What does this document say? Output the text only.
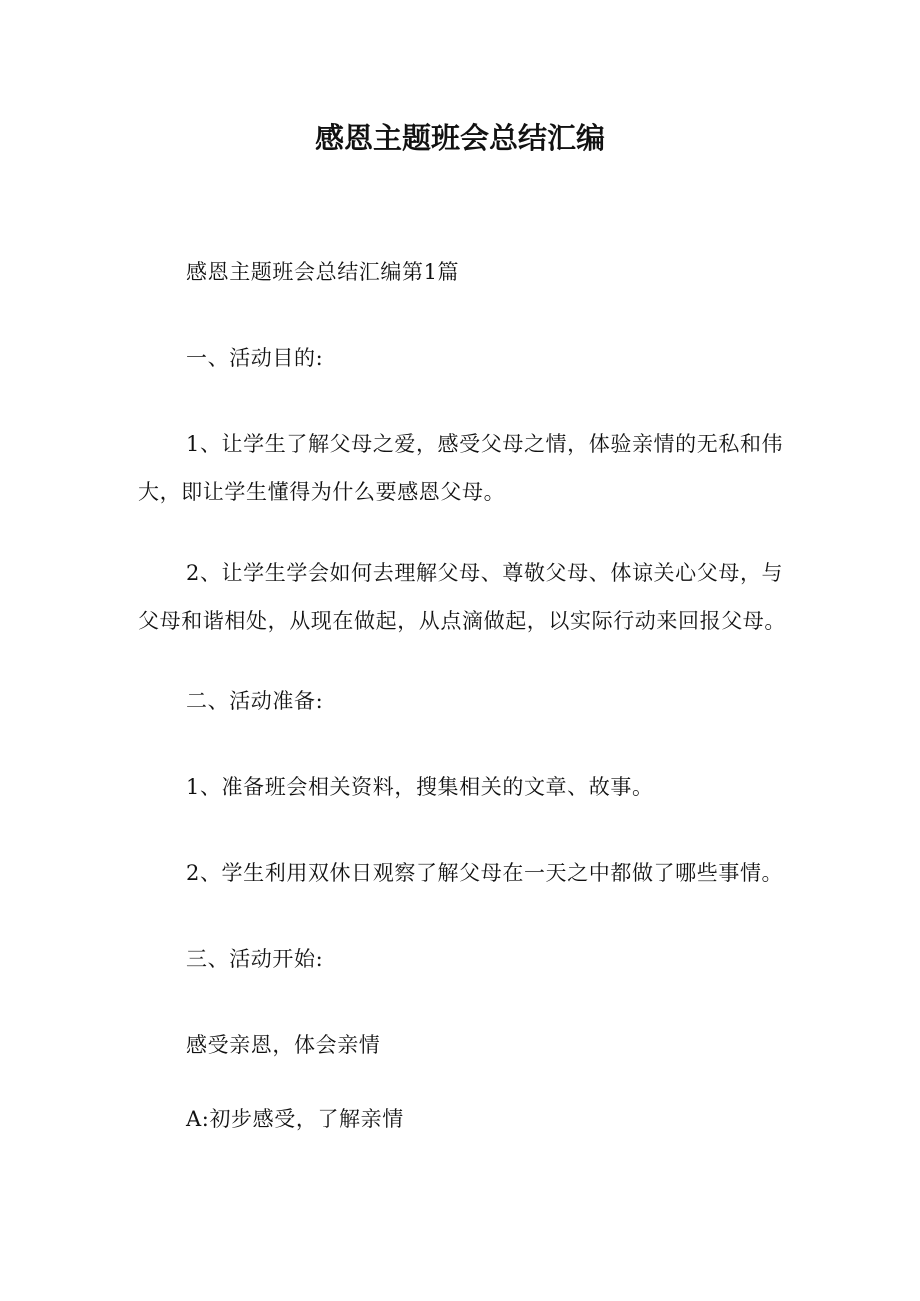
感恩主题班会总结汇编
感恩主题班会总结汇编第1篇
一、活动目的:
1、让学生了解父母之爱，感受父母之情，体验亲情的无私和伟
大，即让学生懂得为什么要感恩父母。
2、让学生学会如何去理解父母、尊敬父母、体谅关心父母，与
父母和谐相处，从现在做起，从点滴做起，以实际行动来回报父母。
二、活动准备:
1、准备班会相关资料，搜集相关的文章、故事。
2、学生利用双休日观察了解父母在一天之中都做了哪些事情。
三、活动开始:
感受亲恩，体会亲情
A:初步感受，了解亲情
